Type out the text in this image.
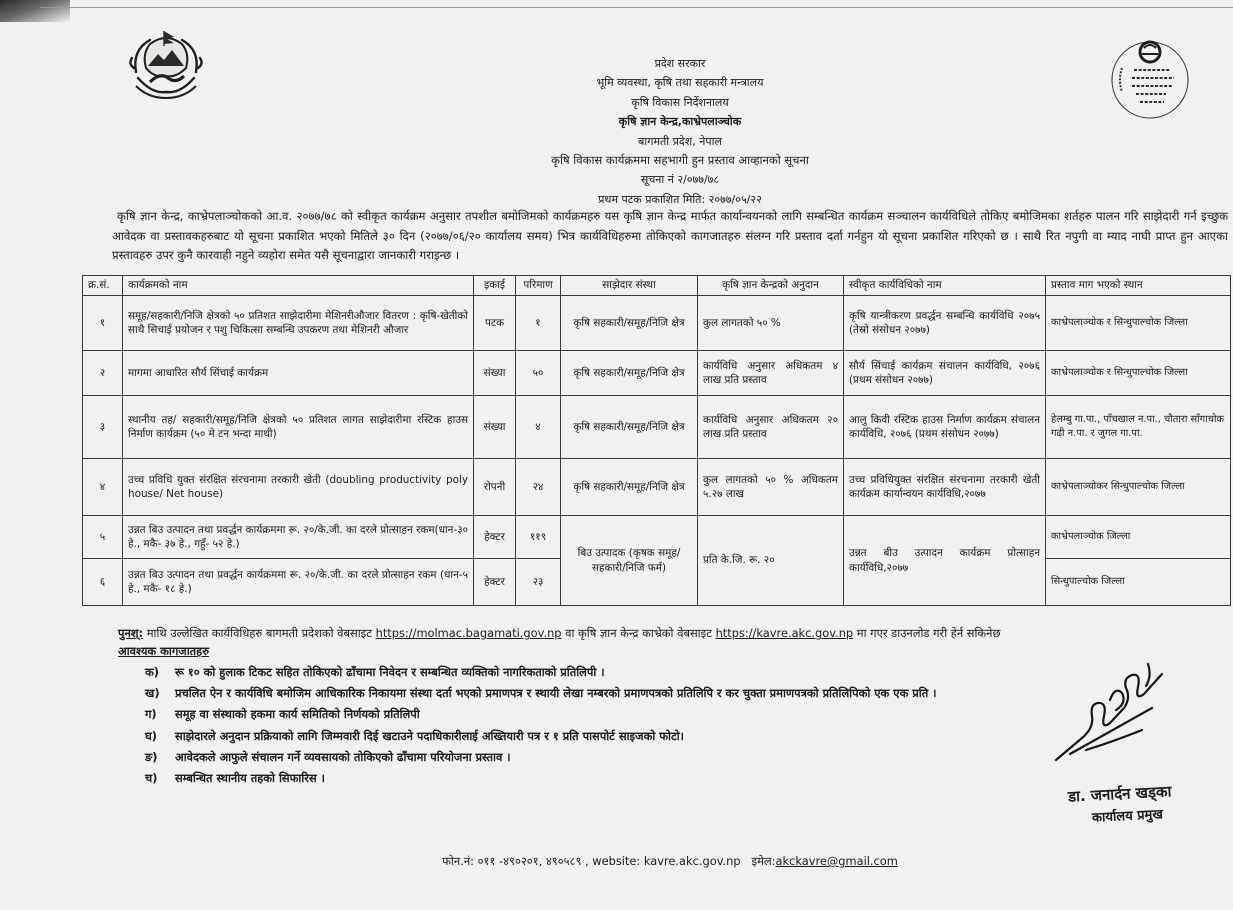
प्रदेश सरकार
भूमि व्यवस्था, कृषि तथा सहकारी मन्त्रालय
कृषि विकास निर्देशनालय
कृषि ज्ञान केन्द्र,काभ्रेपलाञ्चोक
बागमती प्रदेश, नेपाल
कृषि विकास कार्यक्रममा सहभागी हुन प्रस्ताव आव्हानको सूचना
सूचना नं २/०७७/७८
प्रथम पटक प्रकाशित मिति: २०७७/०५/२२
कृषि ज्ञान केन्द्र, काभ्रेपलाञ्चोकको आ.व. २०७७/७८ को स्वीकृत कार्यक्रम अनुसार तपशील बमोजिमको कार्यक्रमहरु यस कृषि ज्ञान केन्द्र मार्फत कार्यान्वयनको लागि सम्बन्धित कार्यक्रम सञ्चालन कार्यविधिले तोकिए बमोजिमका शर्तहरु पालन गरि साझेदारी गर्न इच्छुक आवेदक वा प्रस्तावकहरुबाट यो सूचना प्रकाशित भएको मितिले ३० दिन (२०७७/०६/२० कार्यालय समय) भित्र कार्यविधिहरुमा तोकिएको कागजातहरु संलग्न गरि प्रस्ताव दर्ता गर्नहुन यो सूचना प्रकाशित गरिएको छ । साथै रित नपुगी वा म्याद नाघी प्राप्त हुन आएका प्रस्तावहरु उपर कुनै कारवाही नहुने व्यहोरा समेत यसै सूचनाद्वारा जानकारी गराइन्छ ।
क्र.सं.	कार्यक्रमको नाम	इकाई	परिमाण	साझेदार संस्था	कृषि ज्ञान केन्द्रको अनुदान	स्वीकृत कार्यविधिको नाम	प्रस्ताव माग भएको स्थान
१	समूह/सहकारी/निजि क्षेत्रको ५० प्रतिशत साझेदारीमा मेशिनरीऔजार वितरण : कृषि-खेतीको साथै सिचाई प्रयोजन र पशु चिकित्सा सम्बन्धि उपकरण तथा मेशिनरी औजार	पटक	१	कृषि सहकारी/समूह/निजि क्षेत्र	कुल लागतको ५० %	कृषि यान्त्रीकरण प्रवर्द्धन सम्बन्धि कार्यविधि २०७५ (तेस्रो संसोधन २०७७)	काभ्रेपलाञ्चोक र सिन्धुपाल्चोक जिल्ला
२	मागमा आधारित सौर्य सिंचाई कार्यक्रम	संख्या	५०	कृषि सहकारी/समूह/निजि क्षेत्र	कार्यविधि अनुसार अधिकतम ४ लाख प्रति प्रस्ताव	सौर्य सिंचाई कार्यक्रम संचालन कार्यविधि, २०७६ (प्रथम संसोधन २०७७)	काभ्रेपलाञ्चोक र सिन्धुपाल्चोक जिल्ला
३	स्थानीय तह/ सहकारी/समूह/निजि क्षेत्रको ५० प्रतिशत लागत साझेदारीमा रस्टिक हाउस निर्माण कार्यक्रम (५० मे टन भन्दा माथी)	संख्या	४	कृषि सहकारी/समूह/निजि क्षेत्र	कार्यविधि अनुसार अधिकतम २० लाख प्रति प्रस्ताव	आलु किवी रस्टिक हाउस निर्माण कार्यक्रम संचालन कार्यविधि, २०७६ (प्रथम संसोधन २०७७)	हेलम्बु गा.पा., पाँचखाल न.पा., चौतारा साँगाचोक गढी न.पा. र जुगल गा.पा.
४	उच्च प्रविधि युक्त संरक्षित संरचनामा तरकारी खेती (doubling productivity poly house/ Net house)	रोपनी	२४	कृषि सहकारी/समूह/निजि क्षेत्र	कुल लागतको ५० % अधिकतम ५.२७ लाख	उच्च प्रविधियुक्त संरक्षित संरचनामा तरकारी खेती कार्यक्रम कार्यान्वयन कार्यविधि,२०७७	काभ्रेपलाञ्चोकर सिन्धुपाल्चोक जिल्ला
५	उन्नत बिउ उत्पादन तथा प्रवर्द्धन कार्यक्रममा रू. २०/के.जी. का दरले प्रोत्साहन रकम(धान-३० हे., मकै- ३७ हे., गहुँ- ५२ हे.)	हेक्टर	११९	बिउ उत्पादक (कृषक समूह/ सहकारी/निजि फर्म)	प्रति के.जि. रू. २०	उन्नत बीउ उत्पादन कार्यक्रम प्रोत्साहन कार्यविधि,२०७७	काभ्रेपलाञ्चोक जिल्ला
६	उन्नत बिउ उत्पादन तथा प्रवर्द्धन कार्यक्रममा रू. २०/के.जी. का दरले प्रोत्साहन रकम (धान-५ हे., मकै- १८ हे.)	हेक्टर	२३				सिन्धुपाल्चोक जिल्ला
पुनश्: माथि उल्लेखित कार्यविधिहरु बागमती प्रदेशको वेबसाइट https://molmac.bagamati.gov.np वा कृषि ज्ञान केन्द्र काभ्रेको वेबसाइट https://kavre.akc.gov.np मा गएर डाउनलोड गरी हेर्न सकिनेछ
आवश्यक कागजातहरु
क)	रू १० को हुलाक टिकट सहित तोकिएको ढाँचामा निवेदन र सम्बन्धित व्यक्तिको नागरिकताको प्रतिलिपी ।
ख)	प्रचलित ऐन र कार्यविधि बमोजिम आधिकारिक निकायमा संस्था दर्ता भएको प्रमाणपत्र र स्थायी लेखा नम्बरको प्रमाणपत्रको प्रतिलिपि र कर चुक्ता प्रमाणपत्रको प्रतिलिपिको एक एक प्रति ।
ग)	समूह वा संस्थाको हकमा कार्य समितिको निर्णयको प्रतिलिपी
घ)	साझेदारले अनुदान प्रक्रियाको लागि जिम्मवारी दिई खटाउने पदाधिकारीलाई अख्तियारी पत्र र १ प्रति पासपोर्ट साइजको फोटो।
ङ)	आवेदकले आफुले संचालन गर्ने व्यवसायको तोकिएको ढाँचामा परियोजना प्रस्ताव ।
च)	सम्बन्धित स्थानीय तहको सिफारिस ।
डा. जनार्दन खड्का
कार्यालय प्रमुख
फोन.नं: ०११ -४९०२०१, ४९०५८९ , website: kavre.akc.gov.np इमेल:akckavre@gmail.com
